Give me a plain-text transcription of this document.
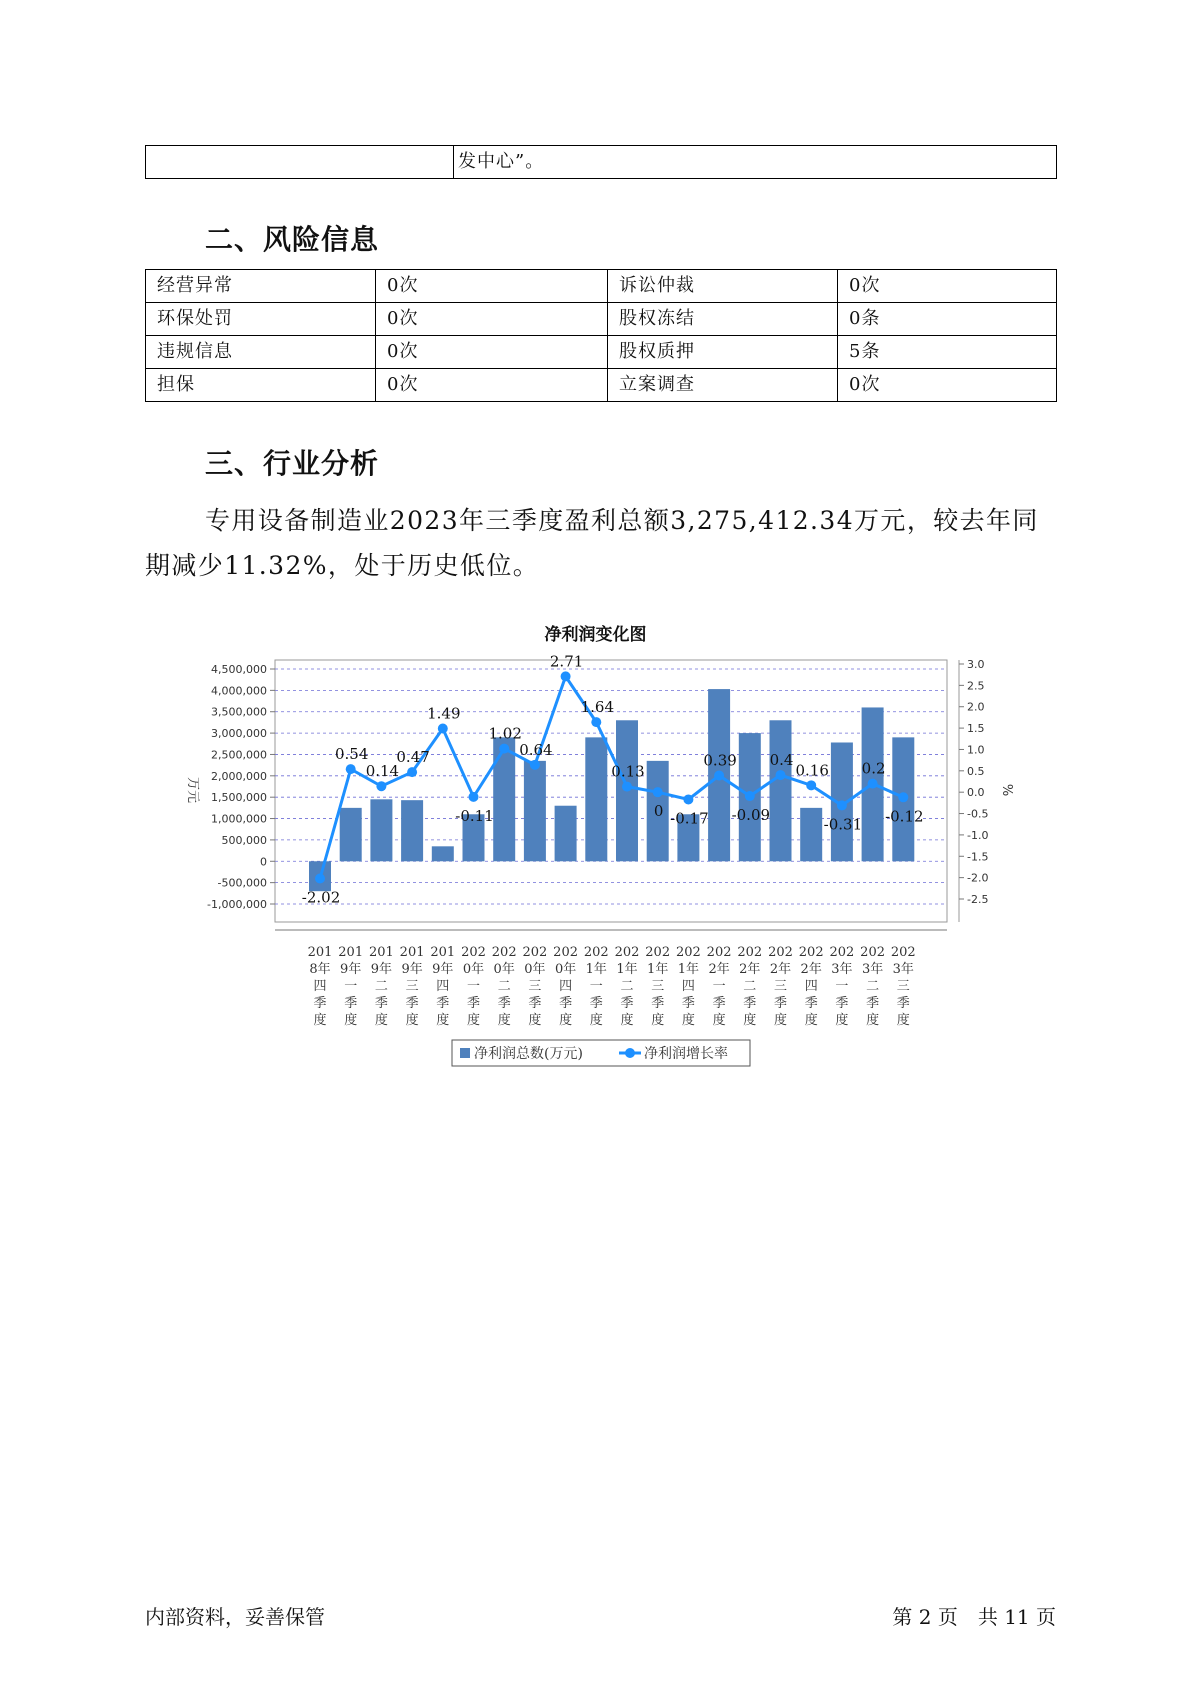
	发中心”。
二、风险信息
经营异常	0次	诉讼仲裁	0次
环保处罚	0次	股权冻结	0条
违规信息	0次	股权质押	5条
担保	0次	立案调查	0次
三、行业分析
专用设备制造业2023年三季度盈利总额3,275,412.34万元，较去年同期减少11.32%，处于历史低位。
净利润变化图
4,500,000
4,000,000
3,500,000
3,000,000
2,500,000
2,000,000
1,500,000
1,000,000
500,000
0
-500,000
-1,000,000
3.0
2.5
2.0
1.5
1.0
0.5
0.0
-0.5
-1.0
-1.5
-2.0
-2.5
万元	%
-2.02
0.54
0.14
0.47
1.49
-0.11
1.02
0.64
2.71
1.64
0.13
0 -0.17
0.39
-0.09
0.4
0.16
-0.31
0.2
-0.12
201
8年
四
季
度
201
9年
一
季
度
201
9年
二
季
度
201
9年
三
季
度
201
9年
四
季
度
202
0年
一
季
度
202
0年
二
季
度
202
0年
三
季
度
202
0年
四
季
度
202
1年
一
季
度
202
1年
二
季
度
202
1年
三
季
度
202
1年
四
季
度
202
2年
一
季
度
202
2年
二
季
度
202
2年
三
季
度
202
2年
四
季
度
202
3年
一
季
度
202
3年
二
季
度
202
3年
三
季
度
净利润总数(万元)	净利润增长率
内部资料，妥善保管	第 2 页　共 11 页
